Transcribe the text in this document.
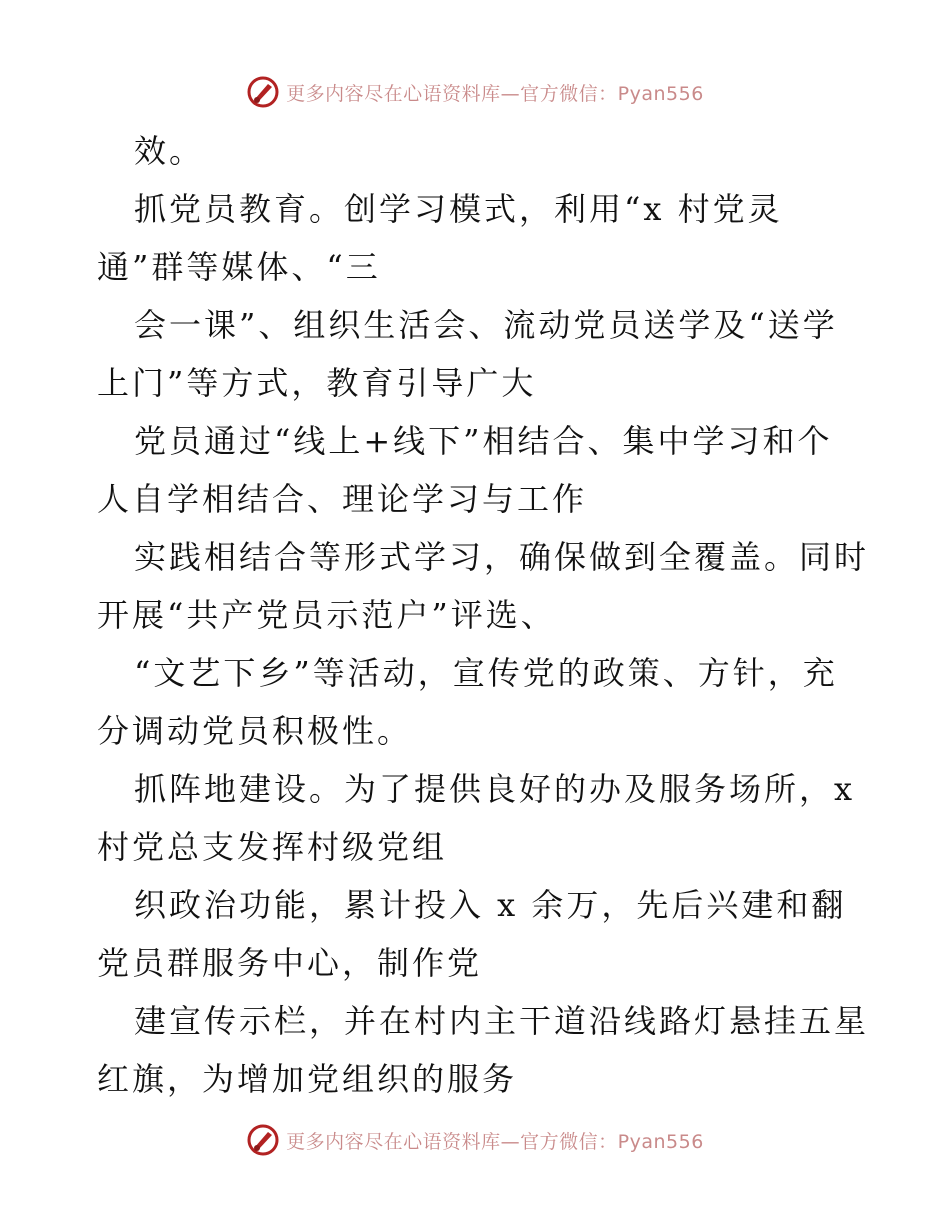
更多内容尽在心语资料库—官方微信：Pyan556
效。
抓党员教育。创学习模式，利用“x 村党灵
通”群等媒体、“三
会一课”、组织生活会、流动党员送学及“送学
上门”等方式，教育引导广大
党员通过“线上+线下”相结合、集中学习和个
人自学相结合、理论学习与工作
实践相结合等形式学习，确保做到全覆盖。同时
开展“共产党员示范户”评选、
“文艺下乡”等活动，宣传党的政策、方针，充
分调动党员积极性。
抓阵地建设。为了提供良好的办及服务场所，x
村党总支发挥村级党组
织政治功能，累计投入 x 余万，先后兴建和翻
党员群服务中心，制作党
建宣传示栏，并在村内主干道沿线路灯悬挂五星
红旗，为增加党组织的服务
更多内容尽在心语资料库—官方微信：Pyan556
